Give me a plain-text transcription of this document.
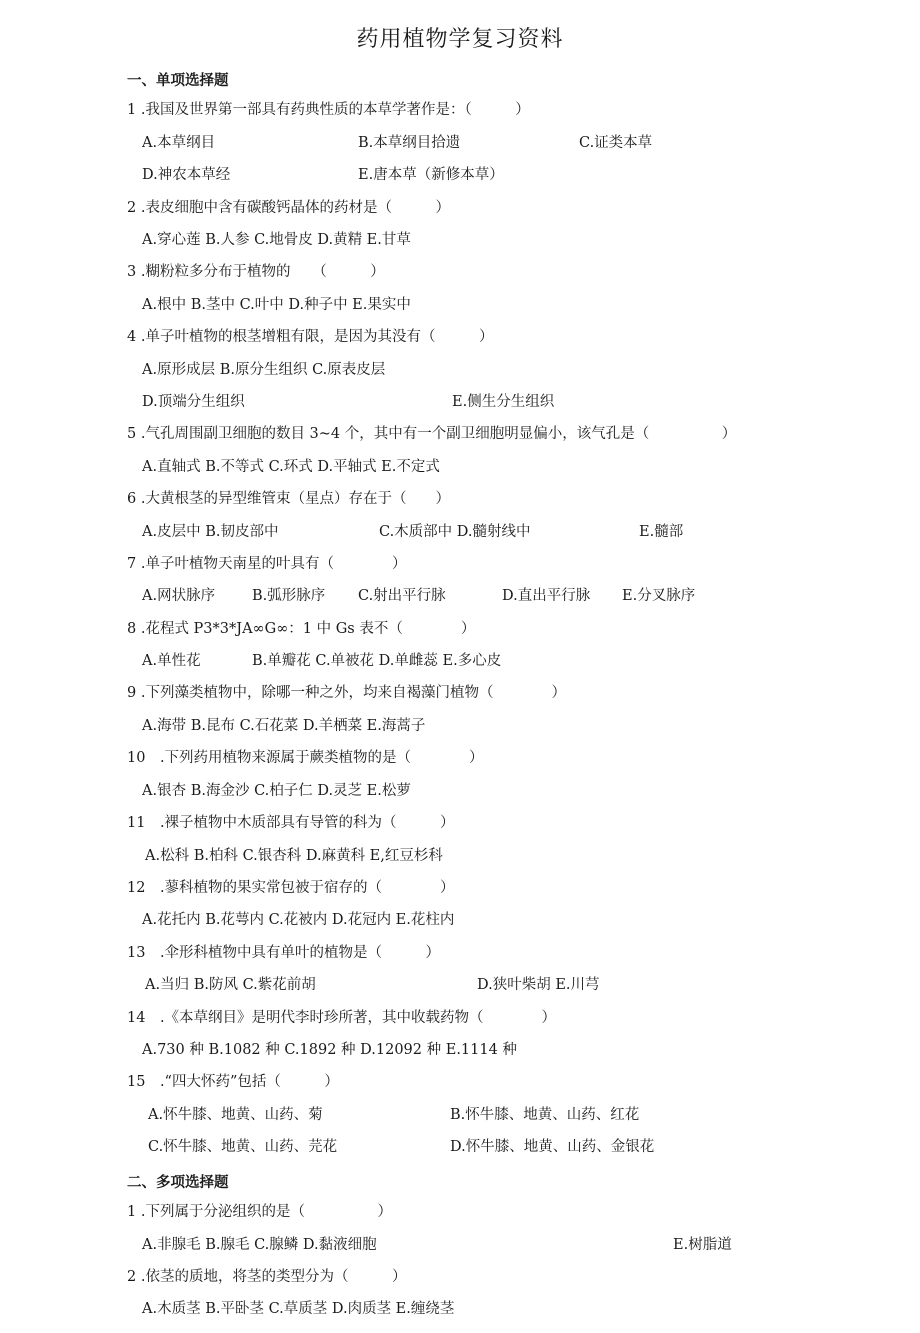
药用植物学复习资料
一、单项选择题
1 .我国及世界第一部具有药典性质的本草学著作是：（　　　）
A.本草纲目	B.本草纲目拾遗	C.证类本草
D.神农本草经	E.唐本草（新修本草）
2 .表皮细胞中含有碳酸钙晶体的药材是（　　　）
A.穿心莲 B.人参 C.地骨皮 D.黄精 E.甘草
3 .糊粉粒多分布于植物的　　（　　　）
A.根中 B.茎中 C.叶中 D.种子中 E.果实中
4 .单子叶植物的根茎增粗有限，是因为其没有（　　　）
A.原形成层 B.原分生组织 C.原表皮层
D.顶端分生组织	E.侧生分生组织
5 .气孔周围副卫细胞的数目 3~4 个，其中有一个副卫细胞明显偏小，该气孔是（　　　　　）
A.直轴式 B.不等式 C.环式 D.平轴式 E.不定式
6 .大黄根茎的异型维管束（星点）存在于（　　）
A.皮层中 B.韧皮部中	C.木质部中 D.髓射线中	E.髓部
7 .单子叶植物天南星的叶具有（　　　　）
A.网状脉序	B.弧形脉序 C.射出平行脉	D.直出平行脉 E.分叉脉序
8 .花程式 P3*3*JA∞G∞：1 中 Gs 表不（　　　　）
A.单性花	B.单瓣花 C.单被花 D.单雌蕊 E.多心皮
9 .下列藻类植物中，除哪一种之外，均来自褐藻门植物（　　　　）
A.海带 B.昆布 C.石花菜 D.羊栖菜 E.海蒿子
10　.下列药用植物来源属于蕨类植物的是（　　　　）
A.银杏 B.海金沙 C.柏子仁 D.灵芝 E.松萝
11　.裸子植物中木质部具有导管的科为（　　　）
A.松科 B.柏科 C.银杏科 D.麻黄科 E,红豆杉科
12　.蓼科植物的果实常包被于宿存的（　　　　）
A.花托内 B.花萼内 C.花被内 D.花冠内 E.花柱内
13　.伞形科植物中具有单叶的植物是（　　　）
A.当归 B.防风 C.紫花前胡	D.狭叶柴胡 E.川芎
14　.《本草纲目》是明代李时珍所著，其中收载药物（　　　　）
A.730 种 B.1082 种 C.1892 种 D.12092 种 E.1114 种
15　.“四大怀药”包括（　　　）
A.怀牛膝、地黄、山药、菊	B.怀牛膝、地黄、山药、红花
C.怀牛膝、地黄、山药、芫花	D.怀牛膝、地黄、山药、金银花
二、多项选择题
1 .下列属于分泌组织的是（　　　　　）
A.非腺毛 B.腺毛 C.腺鳞 D.黏液细胞	E.树脂道
2 .依茎的质地，将茎的类型分为（　　　）
A.木质茎 B.平卧茎 C.草质茎 D.肉质茎 E.缠绕茎
